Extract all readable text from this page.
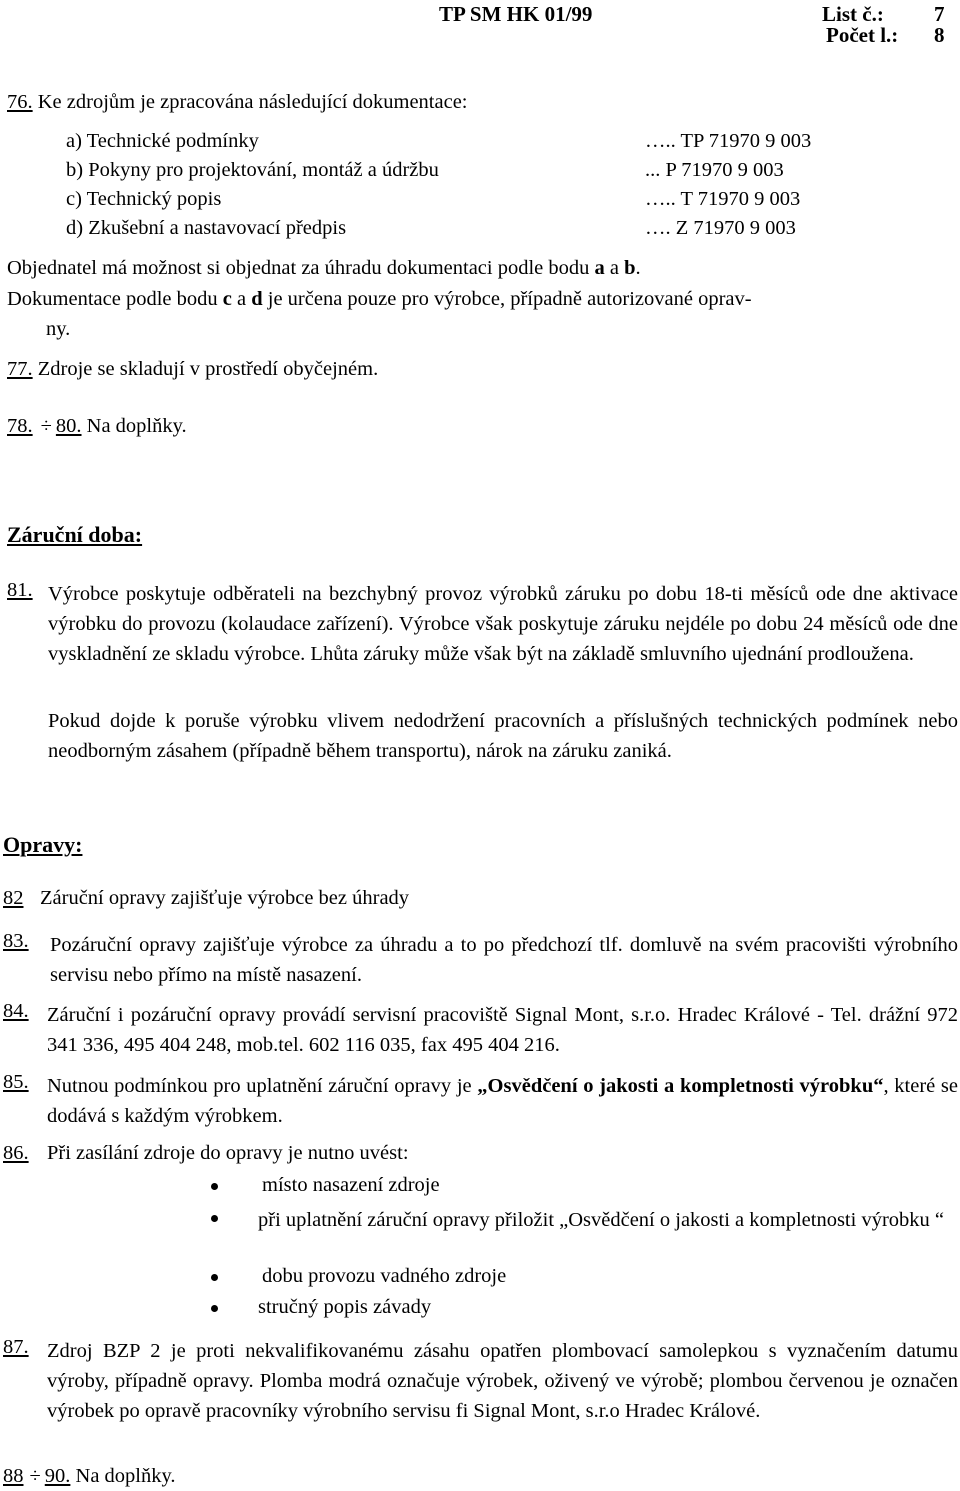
TP SM HK 01/99	List č.: 7
Počet l.: 8
76. Ke zdrojům je zpracována následující dokumentace:
a) Technické podmínky	….. TP 71970 9 003
b) Pokyny pro projektování, montáž a údržbu	... P 71970 9 003
c) Technický popis	….. T 71970 9 003
d) Zkušební a nastavovací předpis	…. Z 71970 9 003
Objednatel má možnost si objednat za úhradu dokumentaci podle bodu a a b.
Dokumentace podle bodu c a d je určena pouze pro výrobce, případně autorizované oprav-
ny.
77. Zdroje se skladují v prostředí obyčejném.
78. ÷ 80. Na doplňky.
Záruční doba:
81. Výrobce poskytuje odběrateli na bezchybný provoz výrobků záruku po dobu 18-ti měsíců ode dne aktivace výrobku do provozu (kolaudace zařízení). Výrobce však poskytuje záruku nejdéle po dobu 24 měsíců ode dne vyskladnění ze skladu výrobce. Lhůta záruky může však být na základě smluvního ujednání prodloužena.
Pokud dojde k poruše výrobku vlivem nedodržení pracovních a příslušných technických podmínek nebo neodborným zásahem (případně během transportu), nárok na záruku zaniká.
Opravy:
82 Záruční opravy zajišťuje výrobce bez úhrady
83. Pozáruční opravy zajišťuje výrobce za úhradu a to po předchozí tlf. domluvě na svém pracovišti výrobního servisu nebo přímo na místě nasazení.
84. Záruční i pozáruční opravy provádí servisní pracoviště Signal Mont, s.r.o. Hradec Králové - Tel. drážní 972 341 336, 495 404 248, mob.tel. 602 116 035, fax 495 404 216.
85. Nutnou podmínkou pro uplatnění záruční opravy je „Osvědčení o jakosti a kompletnosti výrobku“, které se dodává s každým výrobkem.
86. Při zasílání zdroje do opravy je nutno uvést:
místo nasazení zdroje
při uplatnění záruční opravy přiložit „Osvědčení o jakosti a kompletnosti výrobku “
dobu provozu vadného zdroje
stručný popis závady
87. Zdroj BZP 2 je proti nekvalifikovanému zásahu opatřen plombovací samolepkou s vyznačením datumu výroby, případně opravy. Plomba modrá označuje výrobek, oživený ve výrobě; plombou červenou je označen výrobek po opravě pracovníky výrobního servisu fi Signal Mont, s.r.o Hradec Králové.
88 ÷ 90. Na doplňky.
